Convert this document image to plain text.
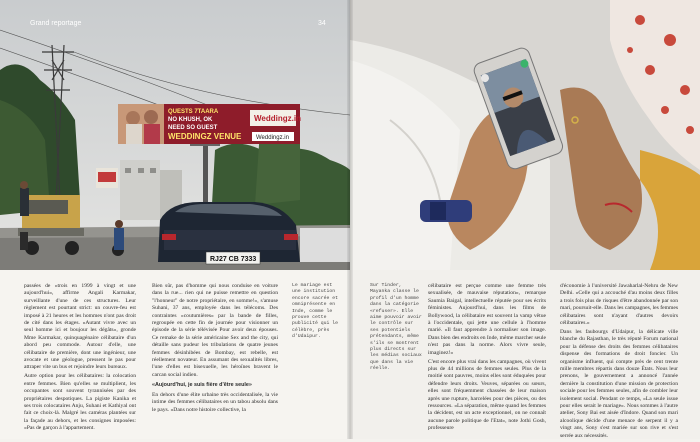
Weddingz.in
QUESTS 7TAARA
NO KHUSH, OK
NEED SO GUEST
WEDDINGZ VENUE Weddingz.in
RJ27 CB 7333
Grand reportage	34

passées de «trois en 1999 à vingt et une aujourd'hui», affirme Angali Karmakar, surveillante d'une de ces structures. Leur règlement est pourtant strict: un couvre-feu est imposé à 21 heures et les hommes n'ont pas droit de cité dans les étages. «Autant vivre avec un seul homme ici et boujour les dégâts», gronde Mme Karmakar, quinquagénaire célibataire d'un abord peu commode. Autour d'elle, une célibataire de première, dont une ingénieur, une avocate et une géologue, pressent le pas pour attraper vite un bus et rejoindre leurs bureaux.

Autre option pour les célibataires: la colocation entre femmes. Bien qu'elles se multiplient, les occupantes sont souvent tyrannisées par des propriétaires despotiques. La pigiste Kanika et ses trois colocataires Anju, Suhani et Kathiyal ont fait ce choix-là. Malgré les caméras plantées sur la façade au dehors, et les consignes imposées: «Pas de garçon à l'appartement.

Bien sûr, pas d'homme qui nous conduise en voiture dans la rue... rien qui ne puisse remettre en question "l'honneur" de notre propriétaire, en somme!», s'amuse Suhani, 37 ans, employée dans les télécoms. Des contraintes «coutumières» par la bande de filles, regroupée en cette fin de journée pour visionner un épisode de la série télévisée Pour avoir deux épouses. Ce remake de la série américaine Sex and the city, qui détaille sans pudeur les tribulations de quatre jeunes femmes désinhibées de Bombay, est rebelle, est réellement novateur. En assumant des sexualités libres, l'une d'elles est bisexuelle, les héroïnes bravent le carcan social indien.

«Aujourd'hui, je suis fière d'être seule»

En dehors d'une élite urbaine très occidentalisée, la vie intime des femmes célibataires en un tabou absolu dans le pays. «Dans notre histoire collective, la

Le mariage est une institution encore sacrée et omniprésente en Inde, comme le prouve cette publicité qui le célèbre, près d'Udaipur.
Sur Tinder, Mayanka classe le profil d'un homme dans la catégorie «refuser». Elle aime pouvoir avoir le contrôle sur ses potentiels prétendants, même s'ils se montrent plus directs sur les médias sociaux que dans la vie réelle.

célibataire est perçue comme une femme très sexualisée, de mauvaise réputation», remarque Saumia Baigal, intellectuelle réputée pour ses écrits féministes. Aujourd'hui, dans les films de Bollywood, la célibataire est souvent la vamp vêtue à l'occidentale, qui jette une cellule à l'homme marié. «Il faut apprendre à normaliser son image. Dans bien des endroits en Inde, même marcher seule n'est pas dans la norme. Alors vivre seule, imaginez!»

C'est encore plus vrai dans les campagnes, où vivent plus de 44 millions de femmes seules. Plus de la moitié sont pauvres, moins elles sont éduquées pour défendre leurs droits. Veuves, séparées ou sœurs, elles sont fréquemment chassées de leur maison après une rupture, harcelées pour des pièces, ou des ressources. «La séparation, même quand les femmes la décident, est un acte exceptionnel, on ne connaît aucune parole politique de l'Etat», note Jothi Gosh, professeure

d'économie à l'université Jawaharlal-Nehru de New Delhi. «Celle qui a accouché d'au moins deux filles a trois fois plus de risques d'être abandonnée par son mari, poursuit-elle. Dans les campagnes, les femmes célibataires sont n'ayant d'autres devoirs célibataires.»

Dans les faubourgs d'Udaipur, la délicate ville blanche du Rajasthan, le très réputé Forum national pour la défense des droits des femmes célibataires dispense des formations de droit foncier. Un organisme influent, qui compte près de cent trente mille membres répartis dans douze États. Nous leur prenons, le gouvernement a annoncé l'année dernière la constitution d'une mission de protection sociale pour les femmes seules, afin de combler leur isolement social. Pendant ce temps, «La seule issue pour elles serait le mariage». Nous sommes à l'autre atelier, Sony Bai est aisée d'Indore. Quand son mari alcoolique décide d'une menace de serpent il y a vingt ans, Sony s'est mariée sur son rive et s'est serrée aux nécessités.
